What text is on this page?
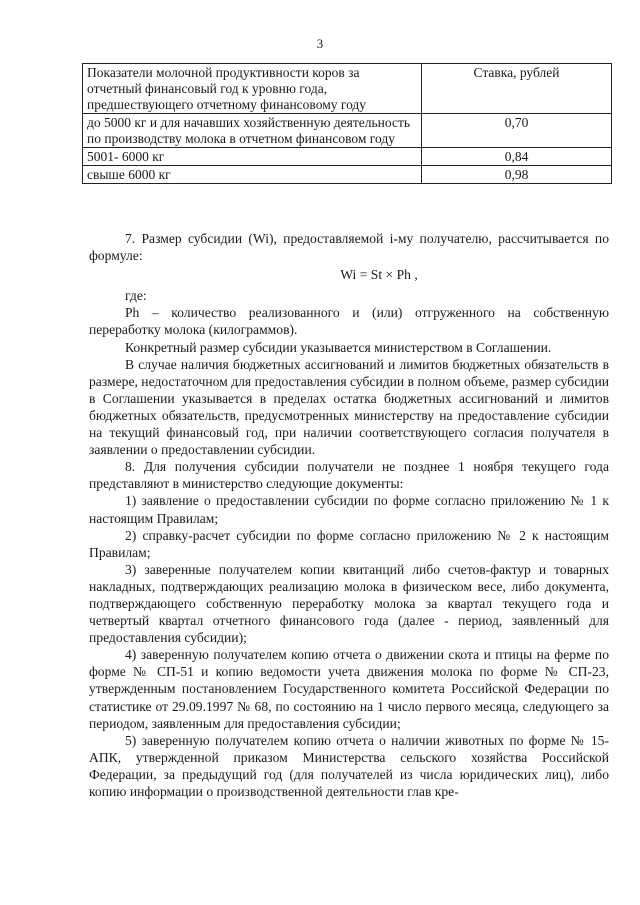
3
Показатели молочной продуктивности коров за отчетный финансовый год к уровню года, предшествующего отчетному финансовому году	Ставка, рублей
до 5000 кг и для начавших хозяйственную деятельность по производству молока в отчетном финансовом году	0,70
5001- 6000 кг	0,84
свыше 6000 кг	0,98

7. Размер субсидии (Wi), предоставляемой i-му получателю, рассчитывается по формуле:

Wi = St × Ph ,

где:

Ph – количество реализованного и (или) отгруженного на собственную переработку молока (килограммов).

Конкретный размер субсидии указывается министерством в Соглашении.

В случае наличия бюджетных ассигнований и лимитов бюджетных обязательств в размере, недостаточном для предоставления субсидии в полном объеме, размер субсидии в Соглашении указывается в пределах остатка бюджетных ассигнований и лимитов бюджетных обязательств, предусмотренных министерству на предоставление субсидии на текущий финансовый год, при наличии соответствующего согласия получателя в заявлении о предоставлении субсидии.

8. Для получения субсидии получатели не позднее 1 ноября текущего года представляют в министерство следующие документы:

1) заявление о предоставлении субсидии по форме согласно приложению № 1 к настоящим Правилам;

2) справку-расчет субсидии по форме согласно приложению № 2 к настоящим Правилам;

3) заверенные получателем копии квитанций либо счетов-фактур и товарных накладных, подтверждающих реализацию молока в физическом весе, либо документа, подтверждающего собственную переработку молока за квартал текущего года и четвертый квартал отчетного финансового года (далее - период, заявленный для предоставления субсидии);

4) заверенную получателем копию отчета о движении скота и птицы на ферме по форме № СП-51 и копию ведомости учета движения молока по форме № СП-23, утвержденным постановлением Государственного комитета Российской Федерации по статистике от 29.09.1997 № 68, по состоянию на 1 число первого месяца, следующего за периодом, заявленным для предоставления субсидии;

5) заверенную получателем копию отчета о наличии животных по форме № 15-АПК, утвержденной приказом Министерства сельского хозяйства Российской Федерации, за предыдущий год (для получателей из числа юридических лиц), либо копию информации о производственной деятельности глав кре-
